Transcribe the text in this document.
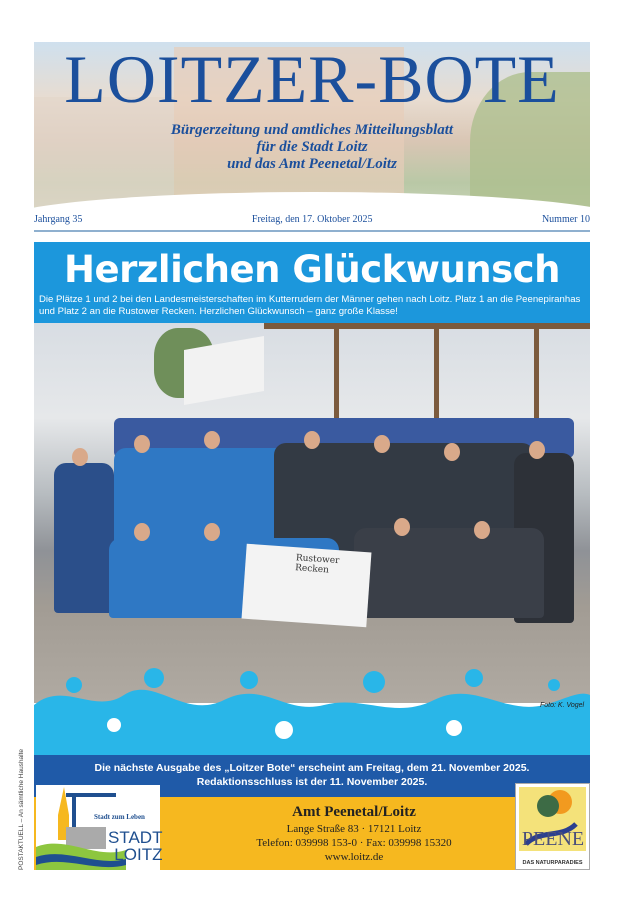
LOITZER-BOTE
Bürgerzeitung und amtliches Mitteilungsblatt
für die Stadt Loitz
und das Amt Peenetal/Loitz
Jahrgang 35	Freitag, den 17. Oktober 2025	Nummer 10
Herzlichen Glückwunsch
Die Plätze 1 und 2 bei den Landesmeisterschaften im Kutterrudern der Männer gehen nach Loitz. Platz 1 an die Peenepiranhas und Platz 2 an die Rustower Recken. Herzlichen Glückwunsch – ganz große Klasse!
Rustower Recken
Foto: K. Vogel
Die nächste Ausgabe des „Loitzer Bote“ erscheint am Freitag, dem 21. November 2025.
Redaktionsschluss ist der 11. November 2025.
Amt Peenetal/Loitz
Lange Straße 83 · 17121 Loitz
Telefon: 039998 153-0 · Fax: 039998 15320
www.loitz.de
Stadt zum Leben
STADT
LOITZ
PEENE
DAS NATURPARADIES
POSTAKTUELL – An sämtliche Haushalte
